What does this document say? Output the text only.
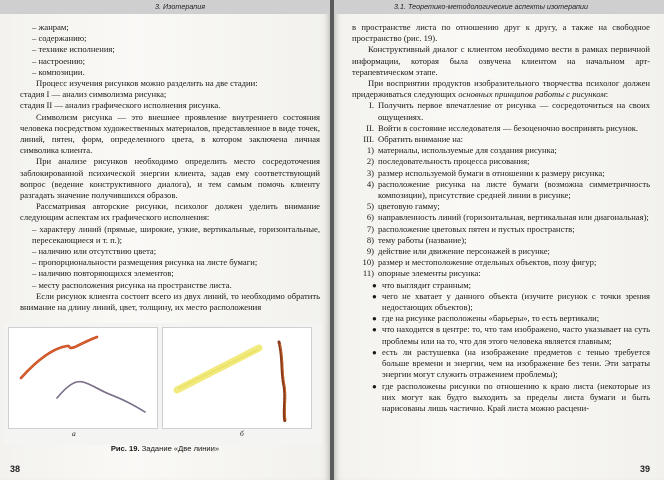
3. Изотерапия

– жанрам;

– содержанию;

– технике исполнения;

– настроению;

– композиции.

Процесс изучения рисунков можно разделить на две стадии:

стадия I — анализ символизма рисунка;

стадия II — анализ графического исполнения рисунка.

Символизм рисунка — это внешнее проявление внутреннего состояния человека посредством художественных материалов, представленное в виде точек, линий, пятен, форм, определенного цвета, в котором заключена личная символика клиента.

При анализе рисунков необходимо определить место сосредоточения заблокированной психической энергии клиента, задав ему соответствующий вопрос (ведение конструктивного диалога), и тем самым помочь клиенту разгадать значение получившихся образов.

Рассматривая авторские рисунки, психолог должен уделить внимание следующим аспектам их графического исполнения:

– характеру линий (прямые, широкие, узкие, вертикальные, горизонтальные, пересекающиеся и т. п.);

– наличию или отсутствию цвета;

– пропорциональности размещения рисунка на листе бумаги;

– наличию повторяющихся элементов;

– месту расположения рисунка на пространстве листа.

Если рисунок клиента состоит всего из двух линий, то необходимо обратить внимание на длину линий, цвет, толщину, их место расположения

а	б
Рис. 19. Задание «Две линии»
38
3.1. Теоретико-методологические аспекты изотерапии

в пространстве листа по отношению друг к другу, а также на свободное пространство (рис. 19).

Конструктивный диалог с клиентом необходимо вести в рамках первичной информации, которая была озвучена клиентом на начальном арт-терапевтическом этапе.

При восприятии продуктов изобразительного творчества психолог должен придерживаться следующих основных принципов работы с рисунком:

I. Получить первое впечатление от рисунка — сосредоточиться на своих ощущениях.
II. Войти в состояние исследователя — безоценочно воспринять рисунок.
III. Обратить внимание на:
1) материалы, используемые для создания рисунка;
2) последовательность процесса рисования;
3) размер используемой бумаги в отношении к размеру рисунка;
4) расположение рисунка на листе бумаги (возможна симметричность композиции), присутствие средней линии в рисунке;
5) цветовую гамму;
6) направленность линий (горизонтальная, вертикальная или диагональная);
7) расположение цветовых пятен и пустых пространств;
8) тему работы (название);
9) действие или движение персонажей в рисунке;
10) размер и местоположение отдельных объектов, позу фигур;
11) опорные элементы рисунка:
● что выглядит странным;
● чего не хватает у данного объекта (изучите рисунок с точки зрения недостающих объектов);
● где на рисунке расположены «барьеры», то есть вертикали;
● что находится в центре: то, что там изображено, часто указывает на суть проблемы или на то, что для этого человека является главным;
● есть ли растушевка (на изображение предметов с тенью требуется больше времени и энергии, чем на изображение без тени. Эти затраты энергии могут служить отражением проблемы);
● где расположены рисунки по отношению к краю листа (некоторые из них могут как будто выходить за пределы листа бумаги и быть нарисованы лишь частично. Край листа можно расцени-
39
